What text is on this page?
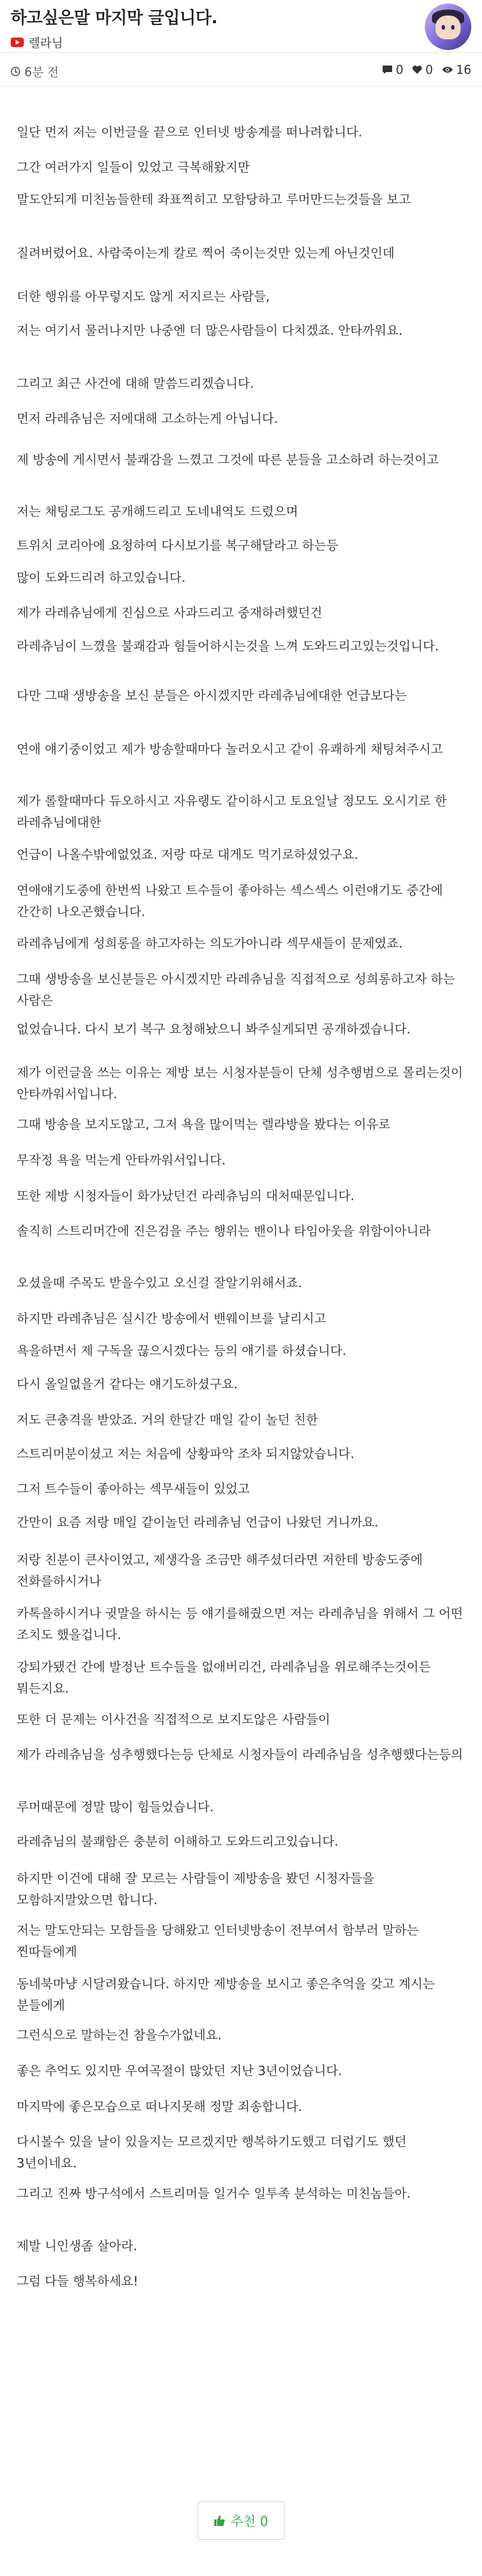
하고싶은말 마지막 글입니다.
렐라님
6분 전	0 0 16
일단 먼저 저는 이번글을 끝으로 인터넷 방송계를 떠나려합니다.
그간 여러가지 일들이 있었고 극복해왔지만
말도안되게 미친놈들한테 좌표찍히고 모함당하고 루머만드는것들을 보고
질려버렸어요. 사람죽이는게 칼로 찍어 죽이는것만 있는게 아닌것인데
더한 행위를 아무렇지도 않게 저지르는 사람들,
저는 여기서 물러나지만 나중엔 더 많은사람들이 다치겠죠. 안타까워요.
그리고 최근 사건에 대해 말씀드리겠습니다.
먼저 라레츄님은 저에대해 고소하는게 아닙니다.
제 방송에 게시면서 불쾌감을 느꼈고 그것에 따른 분들을 고소하려 하는것이고
저는 채팅로그도 공개해드리고 도네내역도 드렸으며
트위치 코리아에 요청하여 다시보기를 복구해달라고 하는등
많이 도와드리려 하고있습니다.
제가 라레츄님에게 진심으로 사과드리고 중재하려했던건
라레츄님이 느꼈을 불쾌감과 힘들어하시는것을 느껴 도와드리고있는것입니다.
다만 그때 생방송을 보신 분들은 아시겠지만 라레츄님에대한 언급보다는
연애 얘기중이었고 제가 방송할때마다 놀러오시고 같이 유쾌하게 채팅쳐주시고
제가 롤할때마다 듀오하시고 자유랭도 같이하시고 토요일날 정모도 오시기로 한 라레츄님에대한
언급이 나올수밖에없었죠. 저랑 따로 대게도 먹기로하셨었구요.
연애얘기도중에 한번씩 나왔고 트수들이 좋아하는 섹스섹스 이런얘기도 중간에 간간히 나오곤했습니다.
라레츄님에게 성희롱을 하고자하는 의도가아니라 섹무새들이 문제였죠.
그때 생방송을 보신분들은 아시겠지만 라레츄님을 직접적으로 성희롱하고자 하는 사람은
없었습니다. 다시 보기 복구 요청해놨으니 봐주실게되면 공개하겠습니다.
제가 이런글을 쓰는 이유는 제방 보는 시청자분들이 단체 성추행범으로 몰리는것이 안타까워서입니다.
그때 방송을 보지도않고, 그저 욕을 많이먹는 렐라방을 봤다는 이유로
무작정 욕을 먹는게 안타까워서입니다.
또한 제방 시청자들이 화가났던건 라레츄님의 대처때문입니다.
솔직히 스트리머간에 진은검을 주는 행위는 밴이나 타임아웃을 위함이아니라
오셨을때 주목도 받을수있고 오신걸 잘알기위해서죠.
하지만 라레츄님은 실시간 방송에서 밴웨이브를 날리시고
욕을하면서 제 구독을 끊으시겠다는 등의 얘기를 하셨습니다.
다시 올일없을거 같다는 얘기도하셨구요.
저도 큰충격을 받았죠. 거의 한달간 매일 같이 놀던 친한
스트리머분이셨고 저는 처음에 상황파악 조차 되지않았습니다.
그저 트수들이 좋아하는 섹무새들이 있었고
간만이 요즘 저랑 매일 같이놀던 라레츄님 언급이 나왔던 거니까요.
저랑 친분이 큰사이였고, 제생각을 조금만 해주셨더라면 저한테 방송도중에 전화를하시거나
카톡을하시거나 귓말을 하시는 등 얘기를해줬으면 저는 라레츄님을 위해서 그 어떤 조치도 했을겁니다.
강퇴가됐건 간에 발정난 트수들을 없애버리건, 라레츄님을 위로해주는것이든 뭐든지요.
또한 더 문제는 이사건을 직접적으로 보지도않은 사람들이
제가 라레츄님을 성추행했다는등 단체로 시청자들이 라레츄님을 성추행했다는등의
루머때문에 정말 많이 힘들었습니다.
라레츄님의 불쾌함은 충분히 이해하고 도와드리고있습니다.
하지만 이건에 대해 잘 모르는 사람들이 제방송을 봤던 시청자들을 모함하지말았으면 합니다.
저는 말도안되는 모함들을 당해왔고 인터넷방송이 전부여서 함부러 말하는 찐따들에게
동네북마냥 시달려왔습니다. 하지만 제방송을 보시고 좋은추억을 갖고 계시는 분들에게
그런식으로 말하는건 참을수가없네요.
좋은 추억도 있지만 우여곡절이 많았던 지난 3년이었습니다.
마지막에 좋은모습으로 떠나지못해 정말 죄송합니다.
다시볼수 있을 날이 있을지는 모르겠지만 행복하기도했고 더럽기도 했던 3년이네요.
그리고 진짜 방구석에서 스트리머들 일거수 일투족 분석하는 미친놈들아.
제발 니인생좀 살아라.
그럼 다들 행복하세요!
추천 0
